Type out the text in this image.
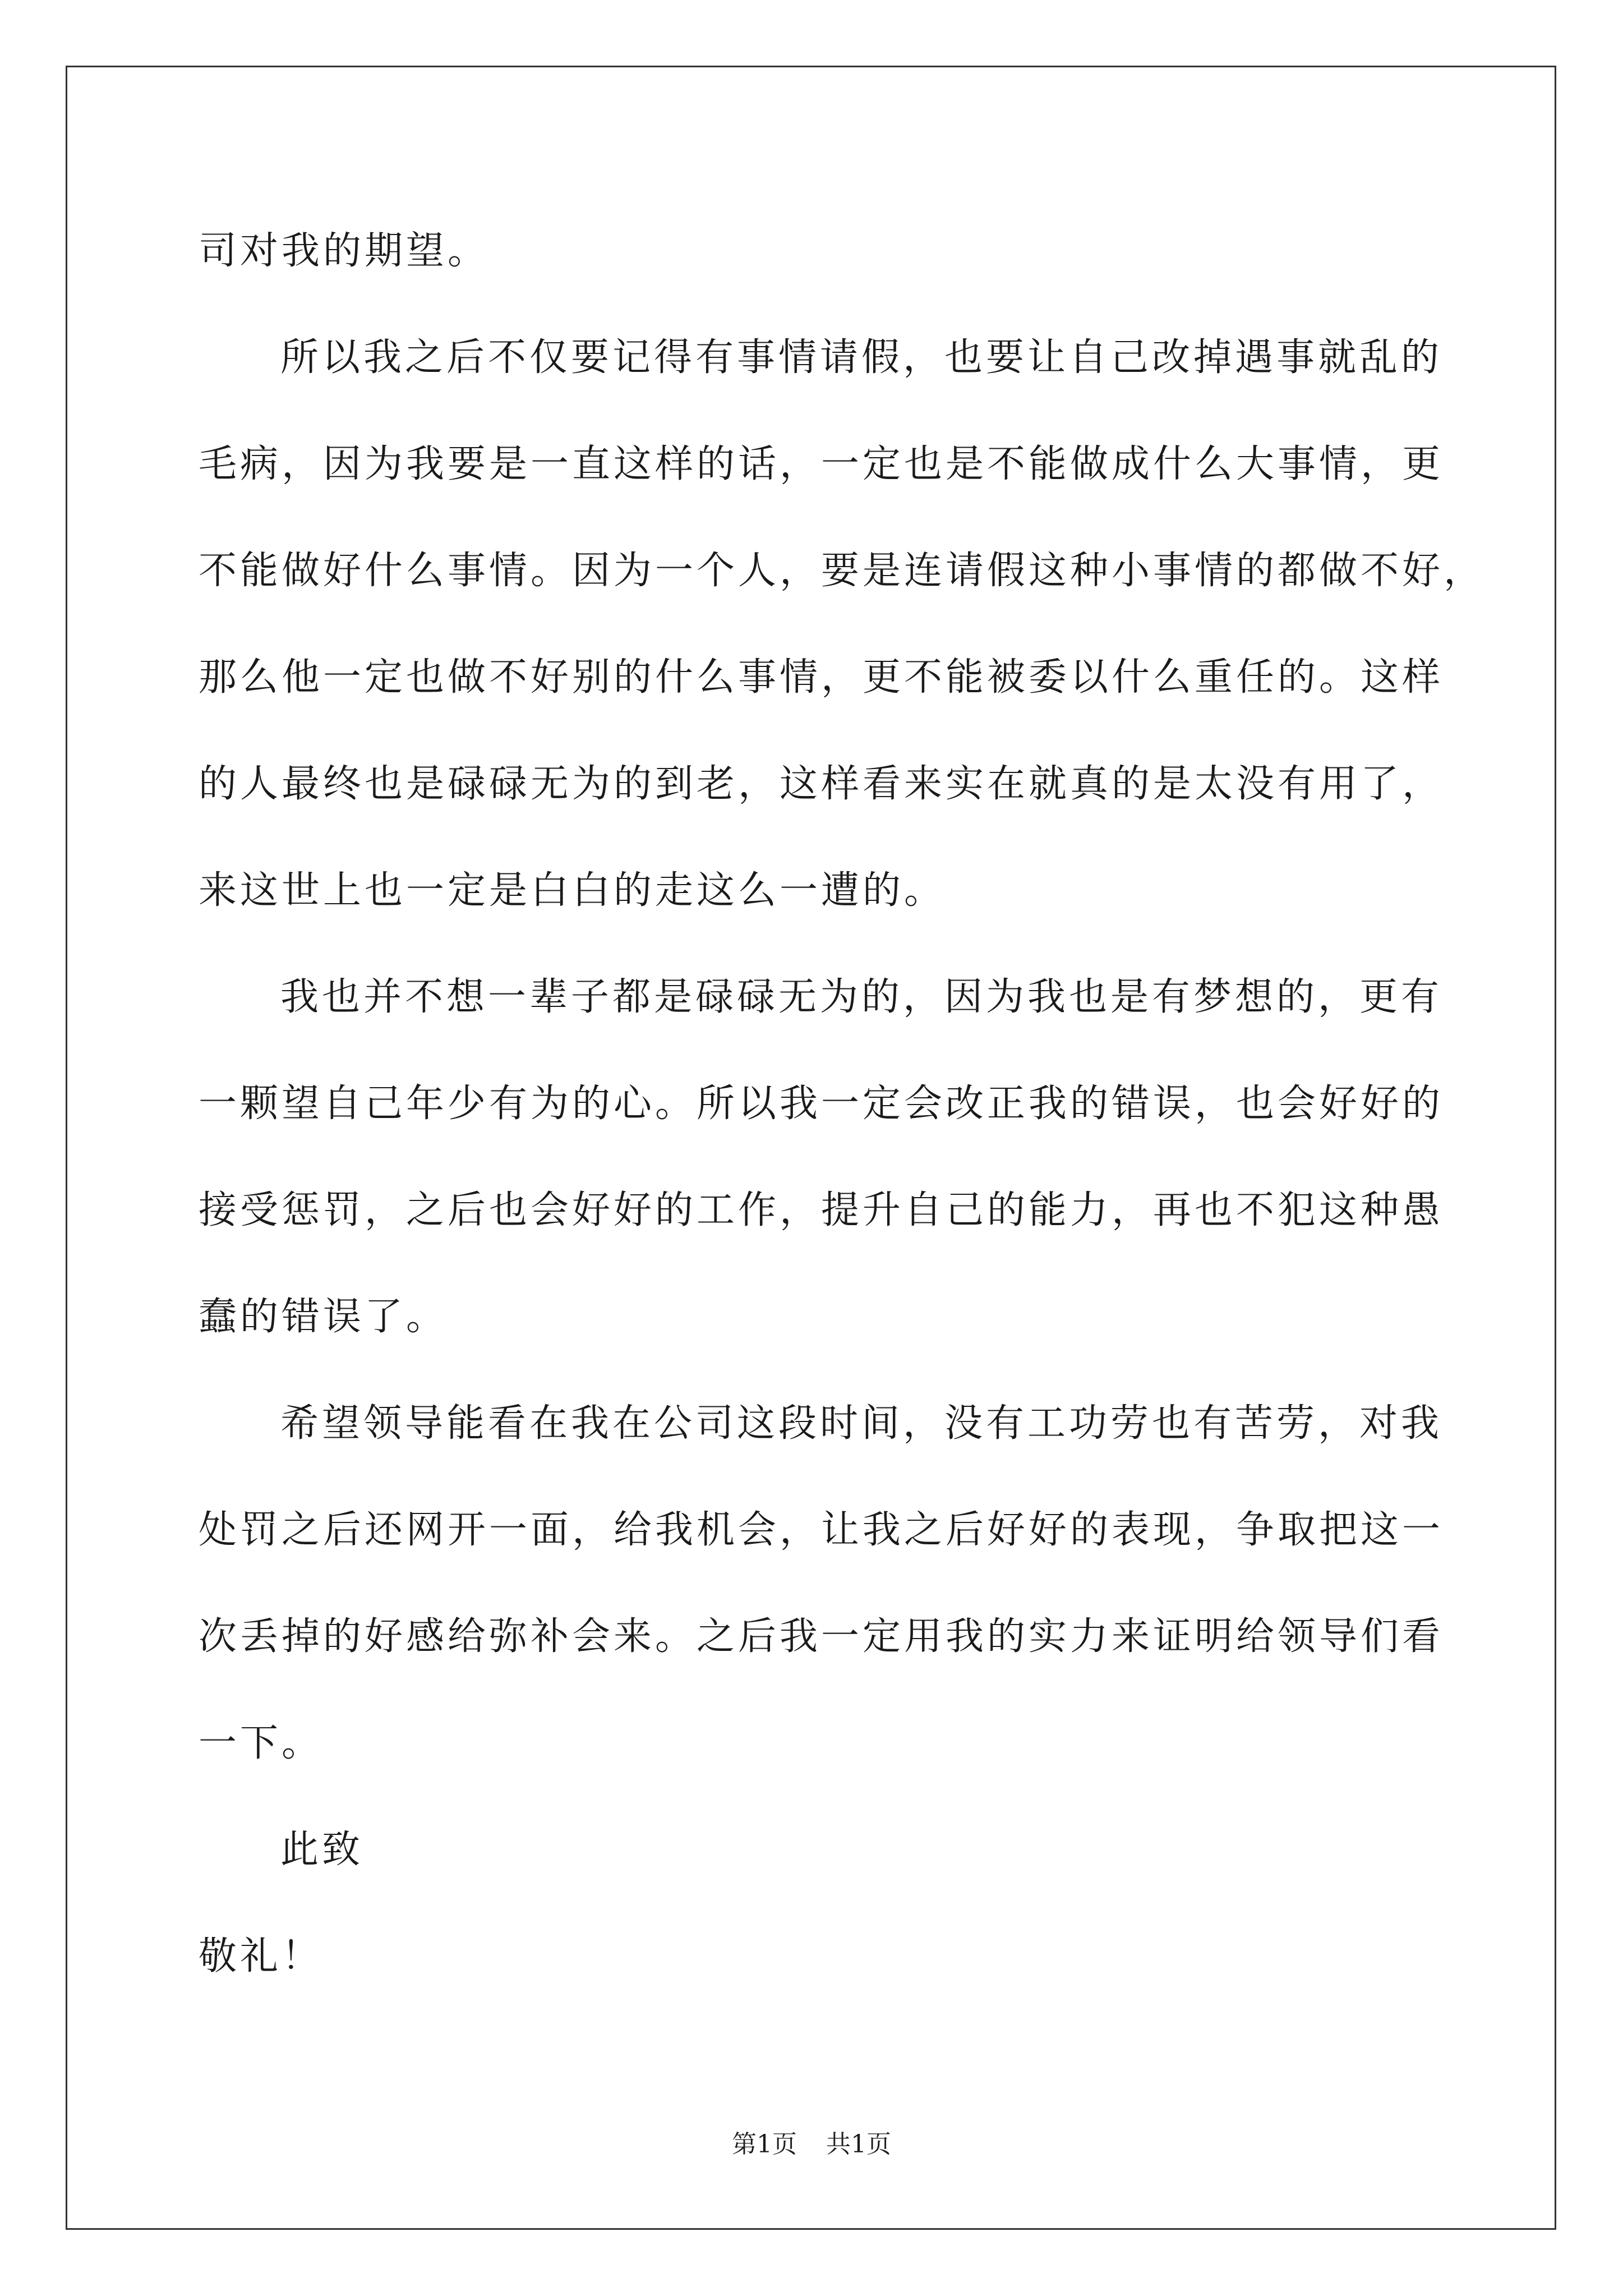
司对我的期望。
所以我之后不仅要记得有事情请假，也要让自己改掉遇事就乱的
毛病，因为我要是一直这样的话，一定也是不能做成什么大事情，更
不能做好什么事情。因为一个人，要是连请假这种小事情的都做不好，
那么他一定也做不好别的什么事情，更不能被委以什么重任的。这样
的人最终也是碌碌无为的到老，这样看来实在就真的是太没有用了，
来这世上也一定是白白的走这么一遭的。
我也并不想一辈子都是碌碌无为的，因为我也是有梦想的，更有
一颗望自己年少有为的心。所以我一定会改正我的错误，也会好好的
接受惩罚，之后也会好好的工作，提升自己的能力，再也不犯这种愚
蠢的错误了。
希望领导能看在我在公司这段时间，没有工功劳也有苦劳，对我
处罚之后还网开一面，给我机会，让我之后好好的表现，争取把这一
次丢掉的好感给弥补会来。之后我一定用我的实力来证明给领导们看
一下。
此致
敬礼！
第1页 共1页
